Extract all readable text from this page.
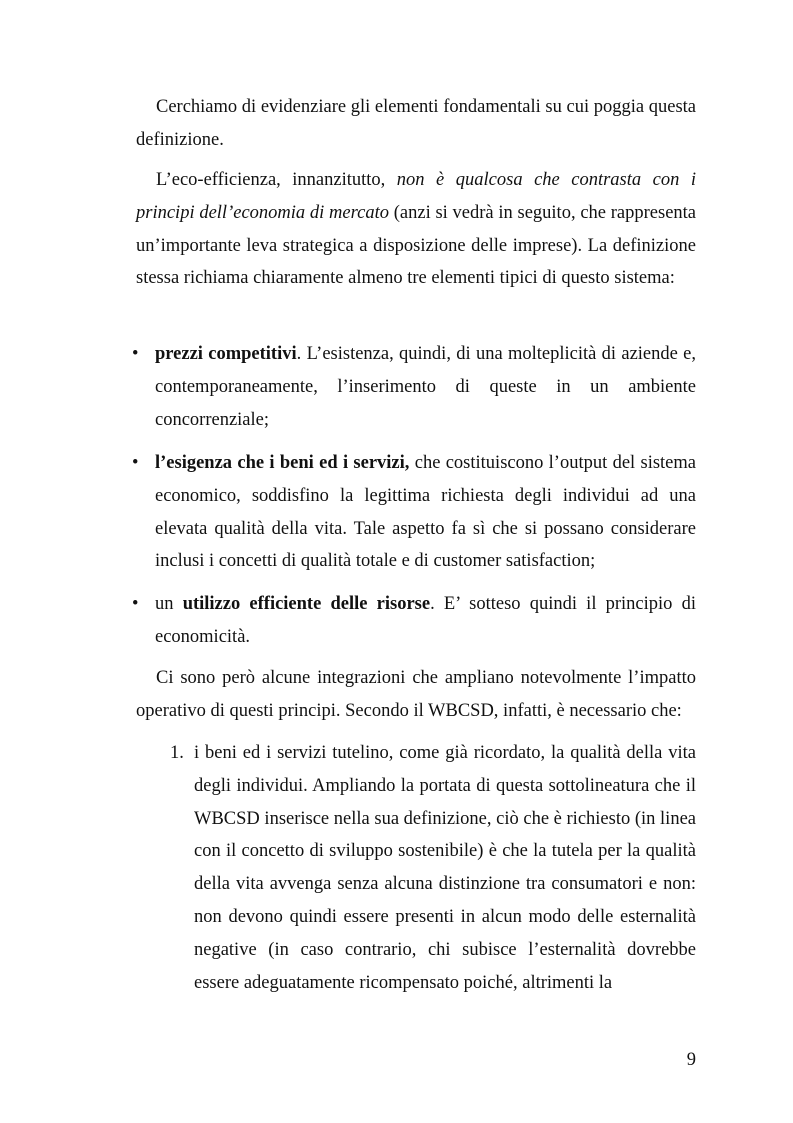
Cerchiamo di evidenziare gli elementi fondamentali su cui poggia questa definizione.

L’eco-efficienza, innanzitutto, non è qualcosa che contrasta con i principi dell’economia di mercato (anzi si vedrà in seguito, che rappresenta un’importante leva strategica a disposizione delle imprese). La definizione stessa richiama chiaramente almeno tre elementi tipici di questo sistema:

• prezzi competitivi. L’esistenza, quindi, di una molteplicità di aziende e, contemporaneamente, l’inserimento di queste in un ambiente concorrenziale;

• l’esigenza che i beni ed i servizi, che costituiscono l’output del sistema economico, soddisfino la legittima richiesta degli individui ad una elevata qualità della vita. Tale aspetto fa sì che si possano considerare inclusi i concetti di qualità totale e di customer satisfaction;

• un utilizzo efficiente delle risorse. E’ sotteso quindi il principio di economicità.

Ci sono però alcune integrazioni che ampliano notevolmente l’impatto operativo di questi principi. Secondo il WBCSD, infatti, è necessario che:

1. i beni ed i servizi tutelino, come già ricordato, la qualità della vita degli individui. Ampliando la portata di questa sottolineatura che il WBCSD inserisce nella sua definizione, ciò che è richiesto (in linea con il concetto di sviluppo sostenibile) è che la tutela per la qualità della vita avvenga senza alcuna distinzione tra consumatori e non: non devono quindi essere presenti in alcun modo delle esternalità negative (in caso contrario, chi subisce l’esternalità dovrebbe essere adeguatamente ricompensato poiché, altrimenti la

9
